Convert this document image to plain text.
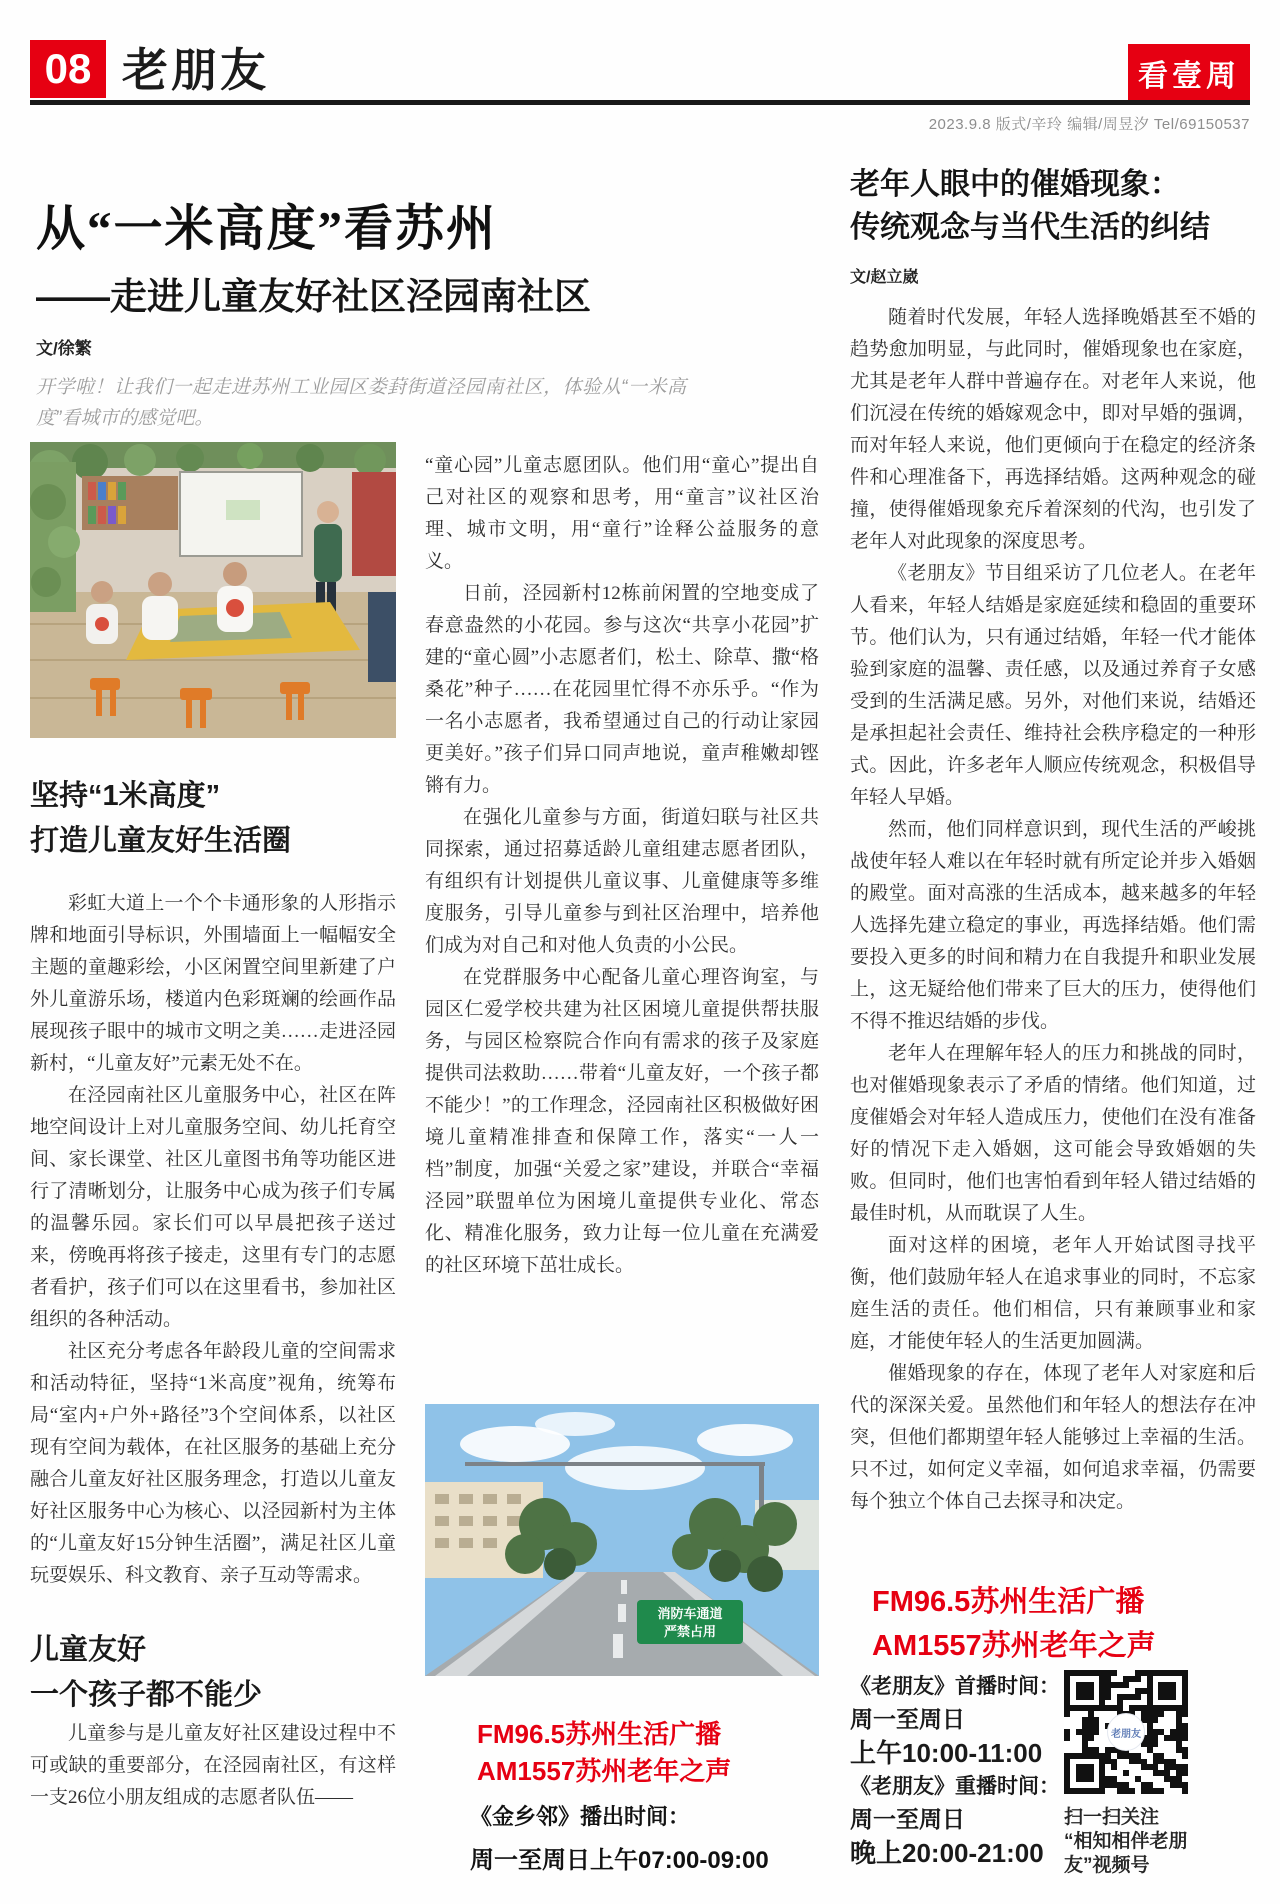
08 老朋友	看壹周
2023.9.8 版式/辛玲 编辑/周昱汐 Tel/69150537
从“一米高度”看苏州
——走进儿童友好社区泾园南社区
文/徐繁

开学啦！让我们一起走进苏州工业园区娄葑街道泾园南社区，体验从“一米高度”看城市的感觉吧。

坚持“1米高度”
打造儿童友好生活圈

彩虹大道上一个个卡通形象的人形指示牌和地面引导标识，外围墙面上一幅幅安全主题的童趣彩绘，小区闲置空间里新建了户外儿童游乐场，楼道内色彩斑斓的绘画作品展现孩子眼中的城市文明之美……走进泾园新村，“儿童友好”元素无处不在。

在泾园南社区儿童服务中心，社区在阵地空间设计上对儿童服务空间、幼儿托育空间、家长课堂、社区儿童图书角等功能区进行了清晰划分，让服务中心成为孩子们专属的温馨乐园。家长们可以早晨把孩子送过来，傍晚再将孩子接走，这里有专门的志愿者看护，孩子们可以在这里看书，参加社区组织的各种活动。

社区充分考虑各年龄段儿童的空间需求和活动特征，坚持“1米高度”视角，统筹布局“室内+户外+路径”3个空间体系，以社区现有空间为载体，在社区服务的基础上充分融合儿童友好社区服务理念，打造以儿童友好社区服务中心为核心、以泾园新村为主体的“儿童友好15分钟生活圈”，满足社区儿童玩耍娱乐、科文教育、亲子互动等需求。

儿童友好
一个孩子都不能少

儿童参与是儿童友好社区建设过程中不可或缺的重要部分，在泾园南社区，有这样一支26位小朋友组成的志愿者队伍——

“童心园”儿童志愿团队。他们用“童心”提出自己对社区的观察和思考，用“童言”议社区治理、城市文明，用“童行”诠释公益服务的意义。

日前，泾园新村12栋前闲置的空地变成了春意盎然的小花园。参与这次“共享小花园”扩建的“童心圆”小志愿者们，松土、除草、撒“格桑花”种子……在花园里忙得不亦乐乎。“作为一名小志愿者，我希望通过自己的行动让家园更美好。”孩子们异口同声地说，童声稚嫩却铿锵有力。

在强化儿童参与方面，街道妇联与社区共同探索，通过招募适龄儿童组建志愿者团队，有组织有计划提供儿童议事、儿童健康等多维度服务，引导儿童参与到社区治理中，培养他们成为对自己和对他人负责的小公民。

在党群服务中心配备儿童心理咨询室，与园区仁爱学校共建为社区困境儿童提供帮扶服务，与园区检察院合作向有需求的孩子及家庭提供司法救助……带着“儿童友好，一个孩子都不能少！”的工作理念，泾园南社区积极做好困境儿童精准排查和保障工作，落实“一人一档”制度，加强“关爱之家”建设，并联合“幸福泾园”联盟单位为困境儿童提供专业化、常态化、精准化服务，致力让每一位儿童在充满爱的社区环境下茁壮成长。

消防车通道
严禁占用
FM96.5苏州生活广播
AM1557苏州老年之声
《金乡邻》播出时间：
周一至周日上午07:00-09:00
老年人眼中的催婚现象：
传统观念与当代生活的纠结
文/赵立崴

随着时代发展，年轻人选择晚婚甚至不婚的趋势愈加明显，与此同时，催婚现象也在家庭，尤其是老年人群中普遍存在。对老年人来说，他们沉浸在传统的婚嫁观念中，即对早婚的强调，而对年轻人来说，他们更倾向于在稳定的经济条件和心理准备下，再选择结婚。这两种观念的碰撞，使得催婚现象充斥着深刻的代沟，也引发了老年人对此现象的深度思考。

《老朋友》节目组采访了几位老人。在老年人看来，年轻人结婚是家庭延续和稳固的重要环节。他们认为，只有通过结婚，年轻一代才能体验到家庭的温馨、责任感，以及通过养育子女感受到的生活满足感。另外，对他们来说，结婚还是承担起社会责任、维持社会秩序稳定的一种形式。因此，许多老年人顺应传统观念，积极倡导年轻人早婚。

然而，他们同样意识到，现代生活的严峻挑战使年轻人难以在年轻时就有所定论并步入婚姻的殿堂。面对高涨的生活成本，越来越多的年轻人选择先建立稳定的事业，再选择结婚。他们需要投入更多的时间和精力在自我提升和职业发展上，这无疑给他们带来了巨大的压力，使得他们不得不推迟结婚的步伐。

老年人在理解年轻人的压力和挑战的同时，也对催婚现象表示了矛盾的情绪。他们知道，过度催婚会对年轻人造成压力，使他们在没有准备好的情况下走入婚姻，这可能会导致婚姻的失败。但同时，他们也害怕看到年轻人错过结婚的最佳时机，从而耽误了人生。

面对这样的困境，老年人开始试图寻找平衡，他们鼓励年轻人在追求事业的同时，不忘家庭生活的责任。他们相信，只有兼顾事业和家庭，才能使年轻人的生活更加圆满。

催婚现象的存在，体现了老年人对家庭和后代的深深关爱。虽然他们和年轻人的想法存在冲突，但他们都期望年轻人能够过上幸福的生活。只不过，如何定义幸福，如何追求幸福，仍需要每个独立个体自己去探寻和决定。

FM96.5苏州生活广播
AM1557苏州老年之声
《老朋友》首播时间：
周一至周日
上午10:00-11:00
《老朋友》重播时间：
周一至周日
晚上20:00-21:00
老朋友
扫一扫关注
“相知相伴老朋
友”视频号
